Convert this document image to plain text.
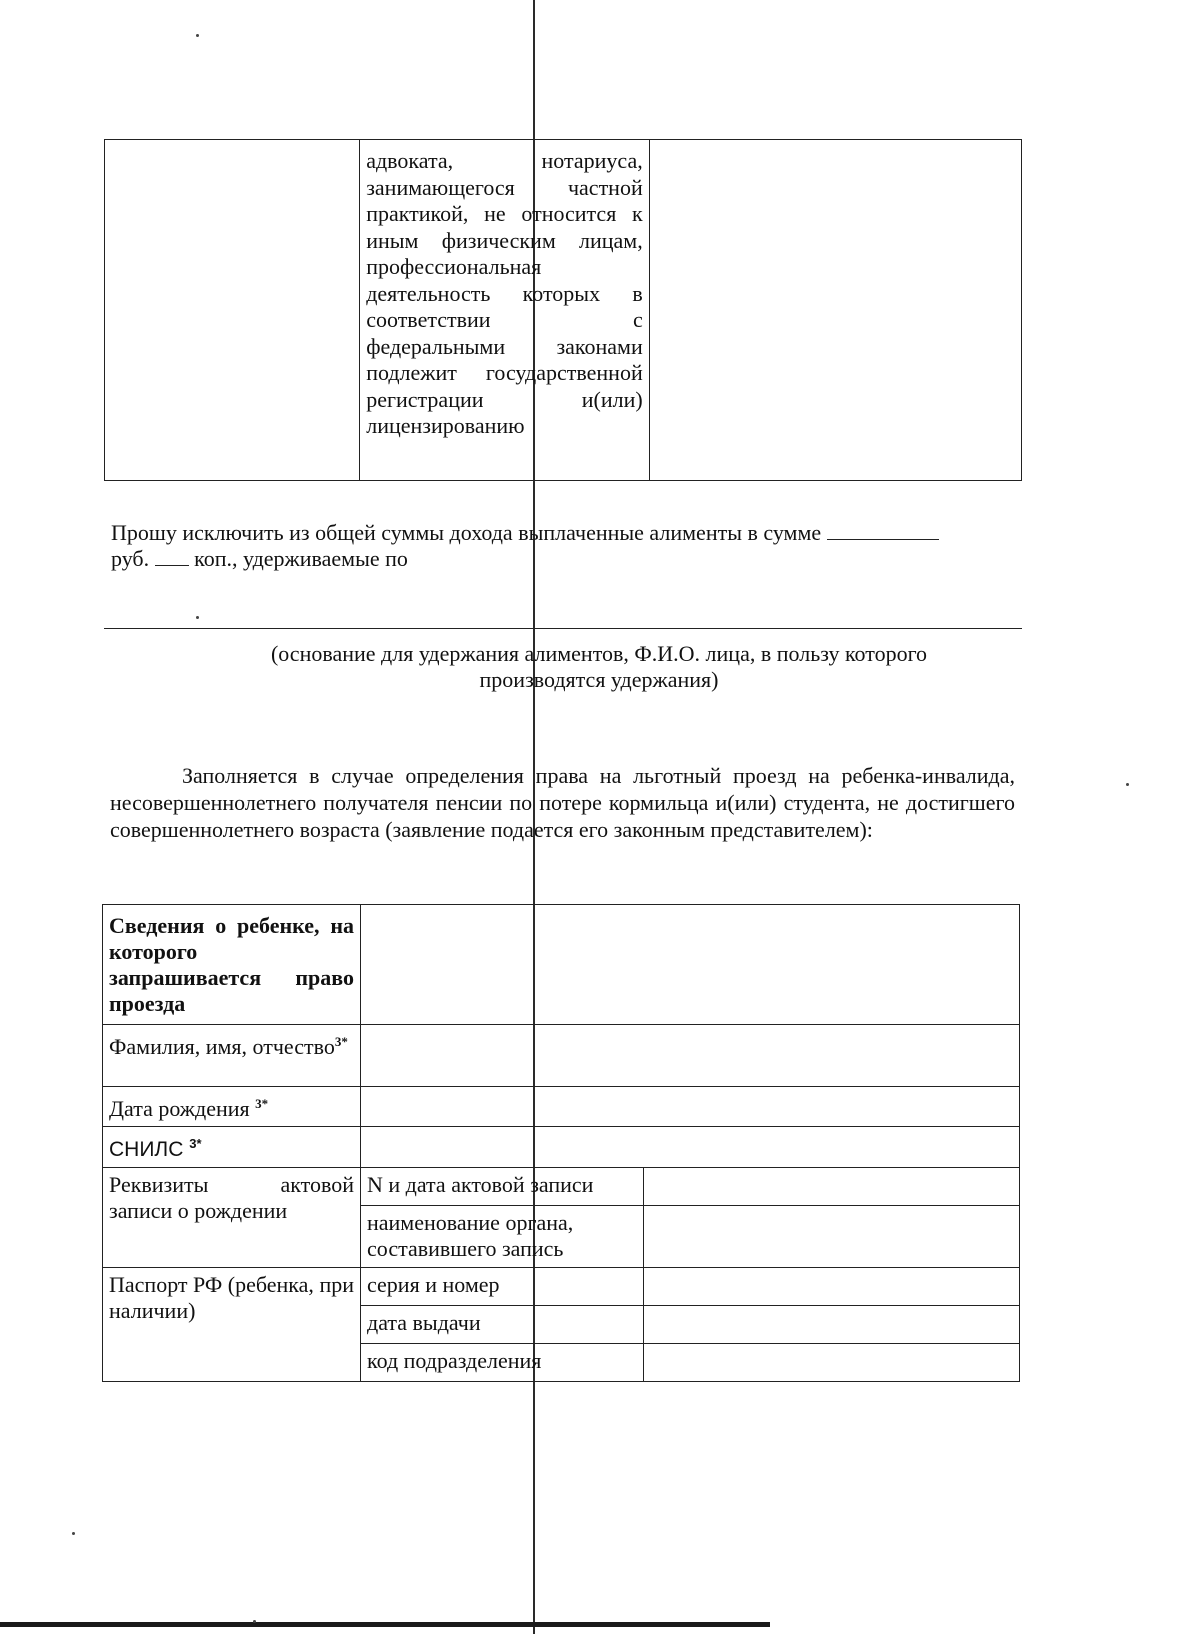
	адвоката, нотариуса, занимающегося частной практикой, не относится к иным физическим лицам, профессиональная деятельность которых в соответствии с федеральными законами подлежит государственной регистрации и(или) лицензированию	
Прошу исключить из общей суммы дохода выплаченные алименты в сумме
руб. коп., удерживаемые по
(основание для удержания алиментов, Ф.И.О. лица, в пользу которого
производятся удержания)
Заполняется в случае определения права на льготный проезд на ребенка-инвалида, несовершеннолетнего получателя пенсии по потере кормильца и(или) студента, не достигшего совершеннолетнего возраста (заявление подается его законным представителем):
Сведения о ребенке, на которого запрашивается право проезда		
Фамилия, имя, отчество$^{3*}$	
Дата рождения $^{3*}$	
СНИЛС $^{3*}$	
Реквизиты актовой записи о рождении	N и дата актовой записи	
	наименование органа, составившего запись	
Паспорт РФ (ребенка, при наличии)	серия и номер	
	дата выдачи	
	код подразделения	
